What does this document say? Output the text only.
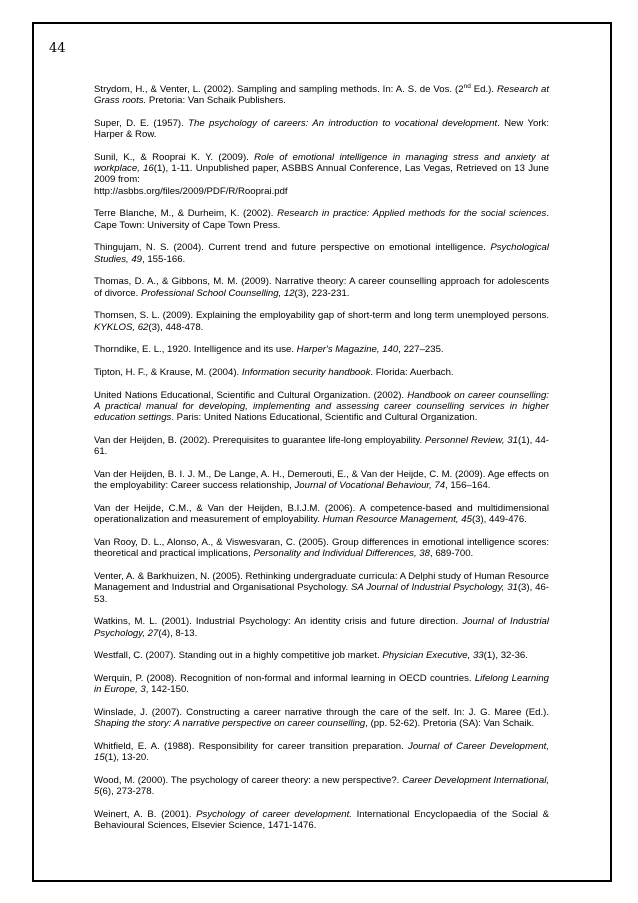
44

Strydom, H., & Venter, L. (2002). Sampling and sampling methods. In: A. S. de Vos. (2nd Ed.). Research at Grass roots. Pretoria: Van Schaik Publishers.

Super, D. E. (1957). The psychology of careers: An introduction to vocational development. New York: Harper & Row.

Sunil, K., & Rooprai K. Y. (2009). Role of emotional intelligence in managing stress and anxiety at workplace, 16(1), 1-11. Unpublished paper, ASBBS Annual Conference, Las Vegas, Retrieved on 13 June 2009 from:
http://asbbs.org/files/2009/PDF/R/Rooprai.pdf

Terre Blanche, M., & Durheim, K. (2002). Research in practice: Applied methods for the social sciences. Cape Town: University of Cape Town Press.

Thingujam, N. S. (2004). Current trend and future perspective on emotional intelligence. Psychological Studies, 49, 155-166.

Thomas, D. A., & Gibbons, M. M. (2009). Narrative theory: A career counselling approach for adolescents of divorce. Professional School Counselling, 12(3), 223-231.

Thomsen, S. L. (2009). Explaining the employability gap of short-term and long term unemployed persons. KYKLOS, 62(3), 448-478.

Thorndike, E. L., 1920. Intelligence and its use. Harper's Magazine, 140, 227–235.

Tipton, H. F., & Krause, M. (2004). Information security handbook. Florida: Auerbach.

United Nations Educational, Scientific and Cultural Organization. (2002). Handbook on career counselling: A practical manual for developing, implementing and assessing career counselling services in higher education settings. Paris: United Nations Educational, Scientific and Cultural Organization.

Van der Heijden, B. (2002). Prerequisites to guarantee life-long employability. Personnel Review, 31(1), 44-61.

Van der Heijden, B. I. J. M., De Lange, A. H., Demerouti, E., & Van der Heijde, C. M. (2009). Age effects on the employability: Career success relationship, Journal of Vocational Behaviour, 74, 156–164.

Van der Heijde, C.M., & Van der Heijden, B.I.J.M. (2006). A competence-based and multidimensional operationalization and measurement of employability. Human Resource Management, 45(3), 449-476.

Van Rooy, D. L., Alonso, A., & Viswesvaran, C. (2005). Group differences in emotional intelligence scores: theoretical and practical implications, Personality and Individual Differences, 38, 689-700.

Venter, A. & Barkhuizen, N. (2005). Rethinking undergraduate curricula: A Delphi study of Human Resource Management and Industrial and Organisational Psychology. SA Journal of Industrial Psychology, 31(3), 46-53.

Watkins, M. L. (2001). Industrial Psychology: An identity crisis and future direction. Journal of Industrial Psychology, 27(4), 8-13.

Westfall, C. (2007). Standing out in a highly competitive job market. Physician Executive, 33(1), 32-36.

Werquin, P. (2008). Recognition of non-formal and informal learning in OECD countries. Lifelong Learning in Europe, 3, 142-150.

Winslade, J. (2007). Constructing a career narrative through the care of the self. In: J. G. Maree (Ed.). Shaping the story: A narrative perspective on career counselling, (pp. 52-62). Pretoria (SA): Van Schaik.

Whitfield, E. A. (1988). Responsibility for career transition preparation. Journal of Career Development, 15(1), 13-20.

Wood, M. (2000). The psychology of career theory: a new perspective?. Career Development International, 5(6), 273-278.

Weinert, A. B. (2001). Psychology of career development. International Encyclopaedia of the Social & Behavioural Sciences, Elsevier Science, 1471-1476.
